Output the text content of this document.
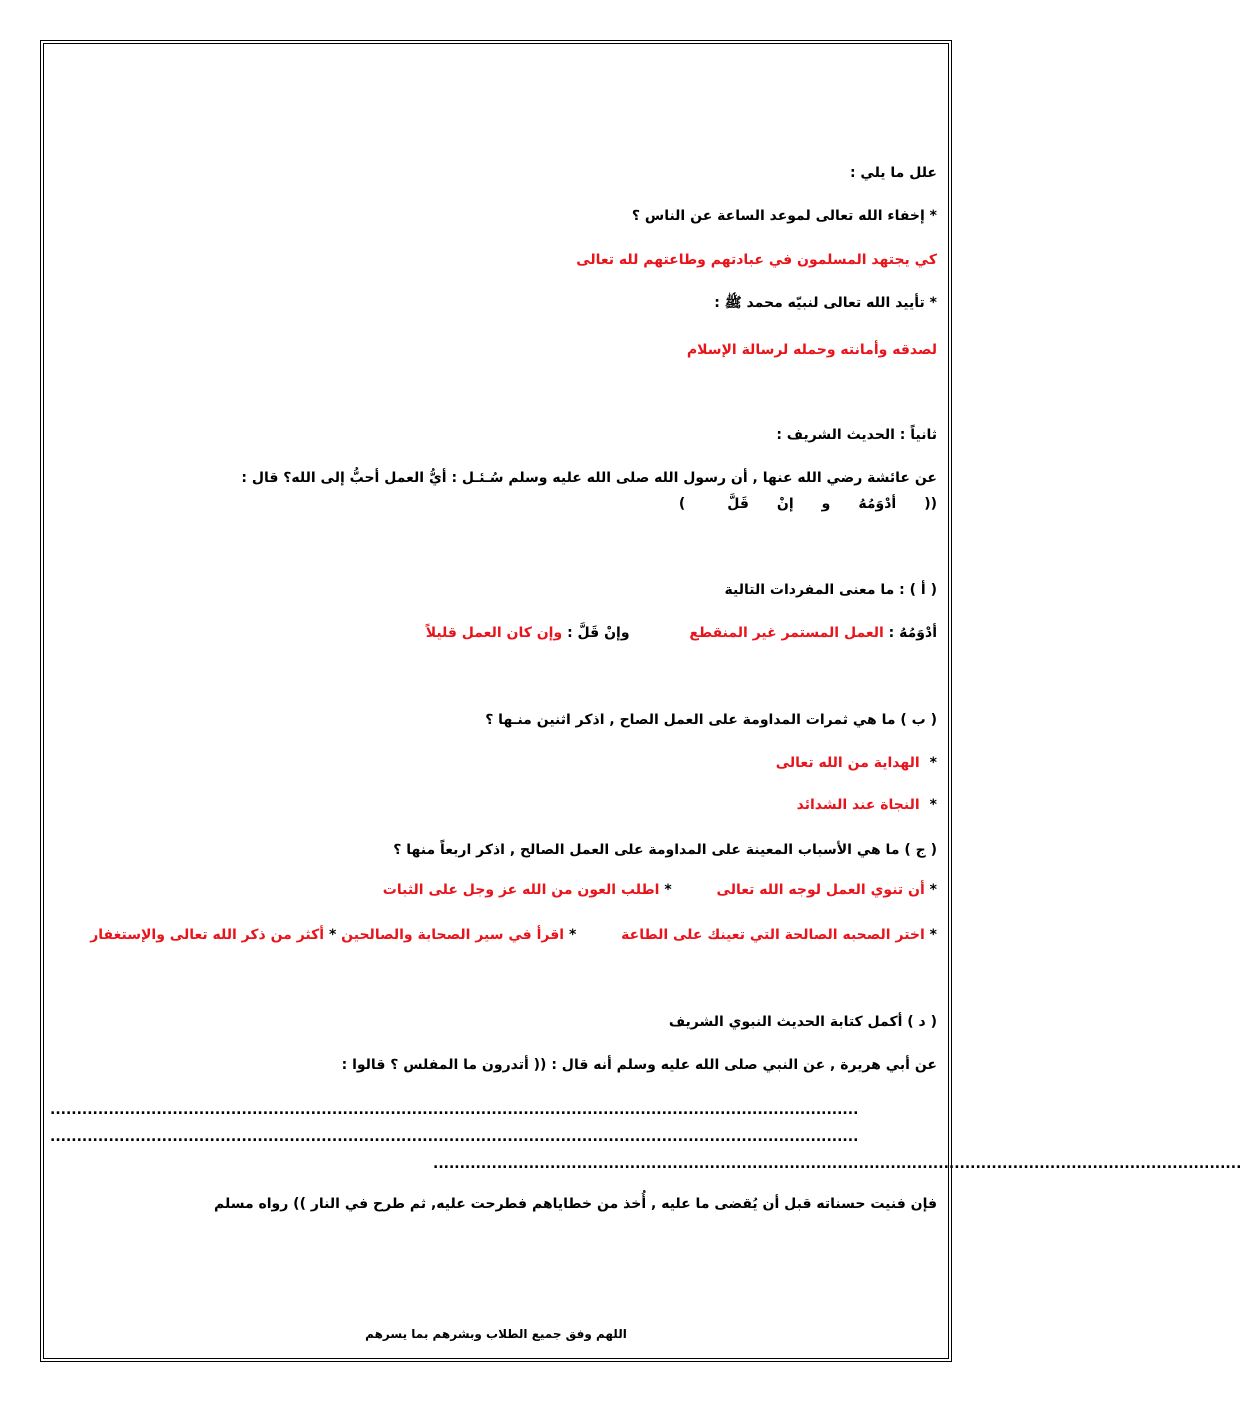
علل ما يلي :
* إخفاء الله تعالى لموعد الساعة عن الناس ؟
كي يجتهد المسلمون في عبادتهم وطاعتهم لله تعالى
* تأييد الله تعالى لنبيّه محمد ﷺ :
لصدقه وأمانته وحمله لرسالة الإسلام
ثانياً : الحديث الشريف :
عن عائشة رضي الله عنها , أن رسول الله صلى الله عليه وسلم سُـئـل : أيُّ العمل أحبُّ إلى الله؟ قال :
((أدْوَمُهُوإنْقَلَّ)
( أ ) : ما معنى المفردات التالية
أدْوَمُهُ : العمل المستمر غير المنقطع وإنْ قَلَّ : وإن كان العمل قليلاً
( ب ) ما هي ثمرات المداومة على العمل الصاح , اذكر اثنين منـها ؟
*الهداية من الله تعالى
*النجاة عند الشدائد
( ج ) ما هي الأسباب المعينة على المداومة على العمل الصالح , اذكر اربعاً منها ؟
* أن تنوي العمل لوجه الله تعالى * اطلب العون من الله عز وجل على الثبات
* اختر الصحبه الصالحة التي تعينك على الطاعة * اقرأ في سير الصحابة والصالحين * أكثر من ذكر الله تعالى والإستغفار
( د ) أكمل كتابة الحديث النبوي الشريف
عن أبي هريرة , عن النبي صلى الله عليه وسلم أنه قال : (( أتدرون ما المفلس ؟ قالوا :
........................................................................................................................................................
........................................................................................................................................................
........................................................................................................................................................
فإن فنيت حسناته قبل أن يُقضى ما عليه , أُخذ من خطاياهم فطرحت عليه, ثم طرح في النار )) رواه مسلم
اللهم وفق جميع الطلاب وبشرهم بما يسرهم
